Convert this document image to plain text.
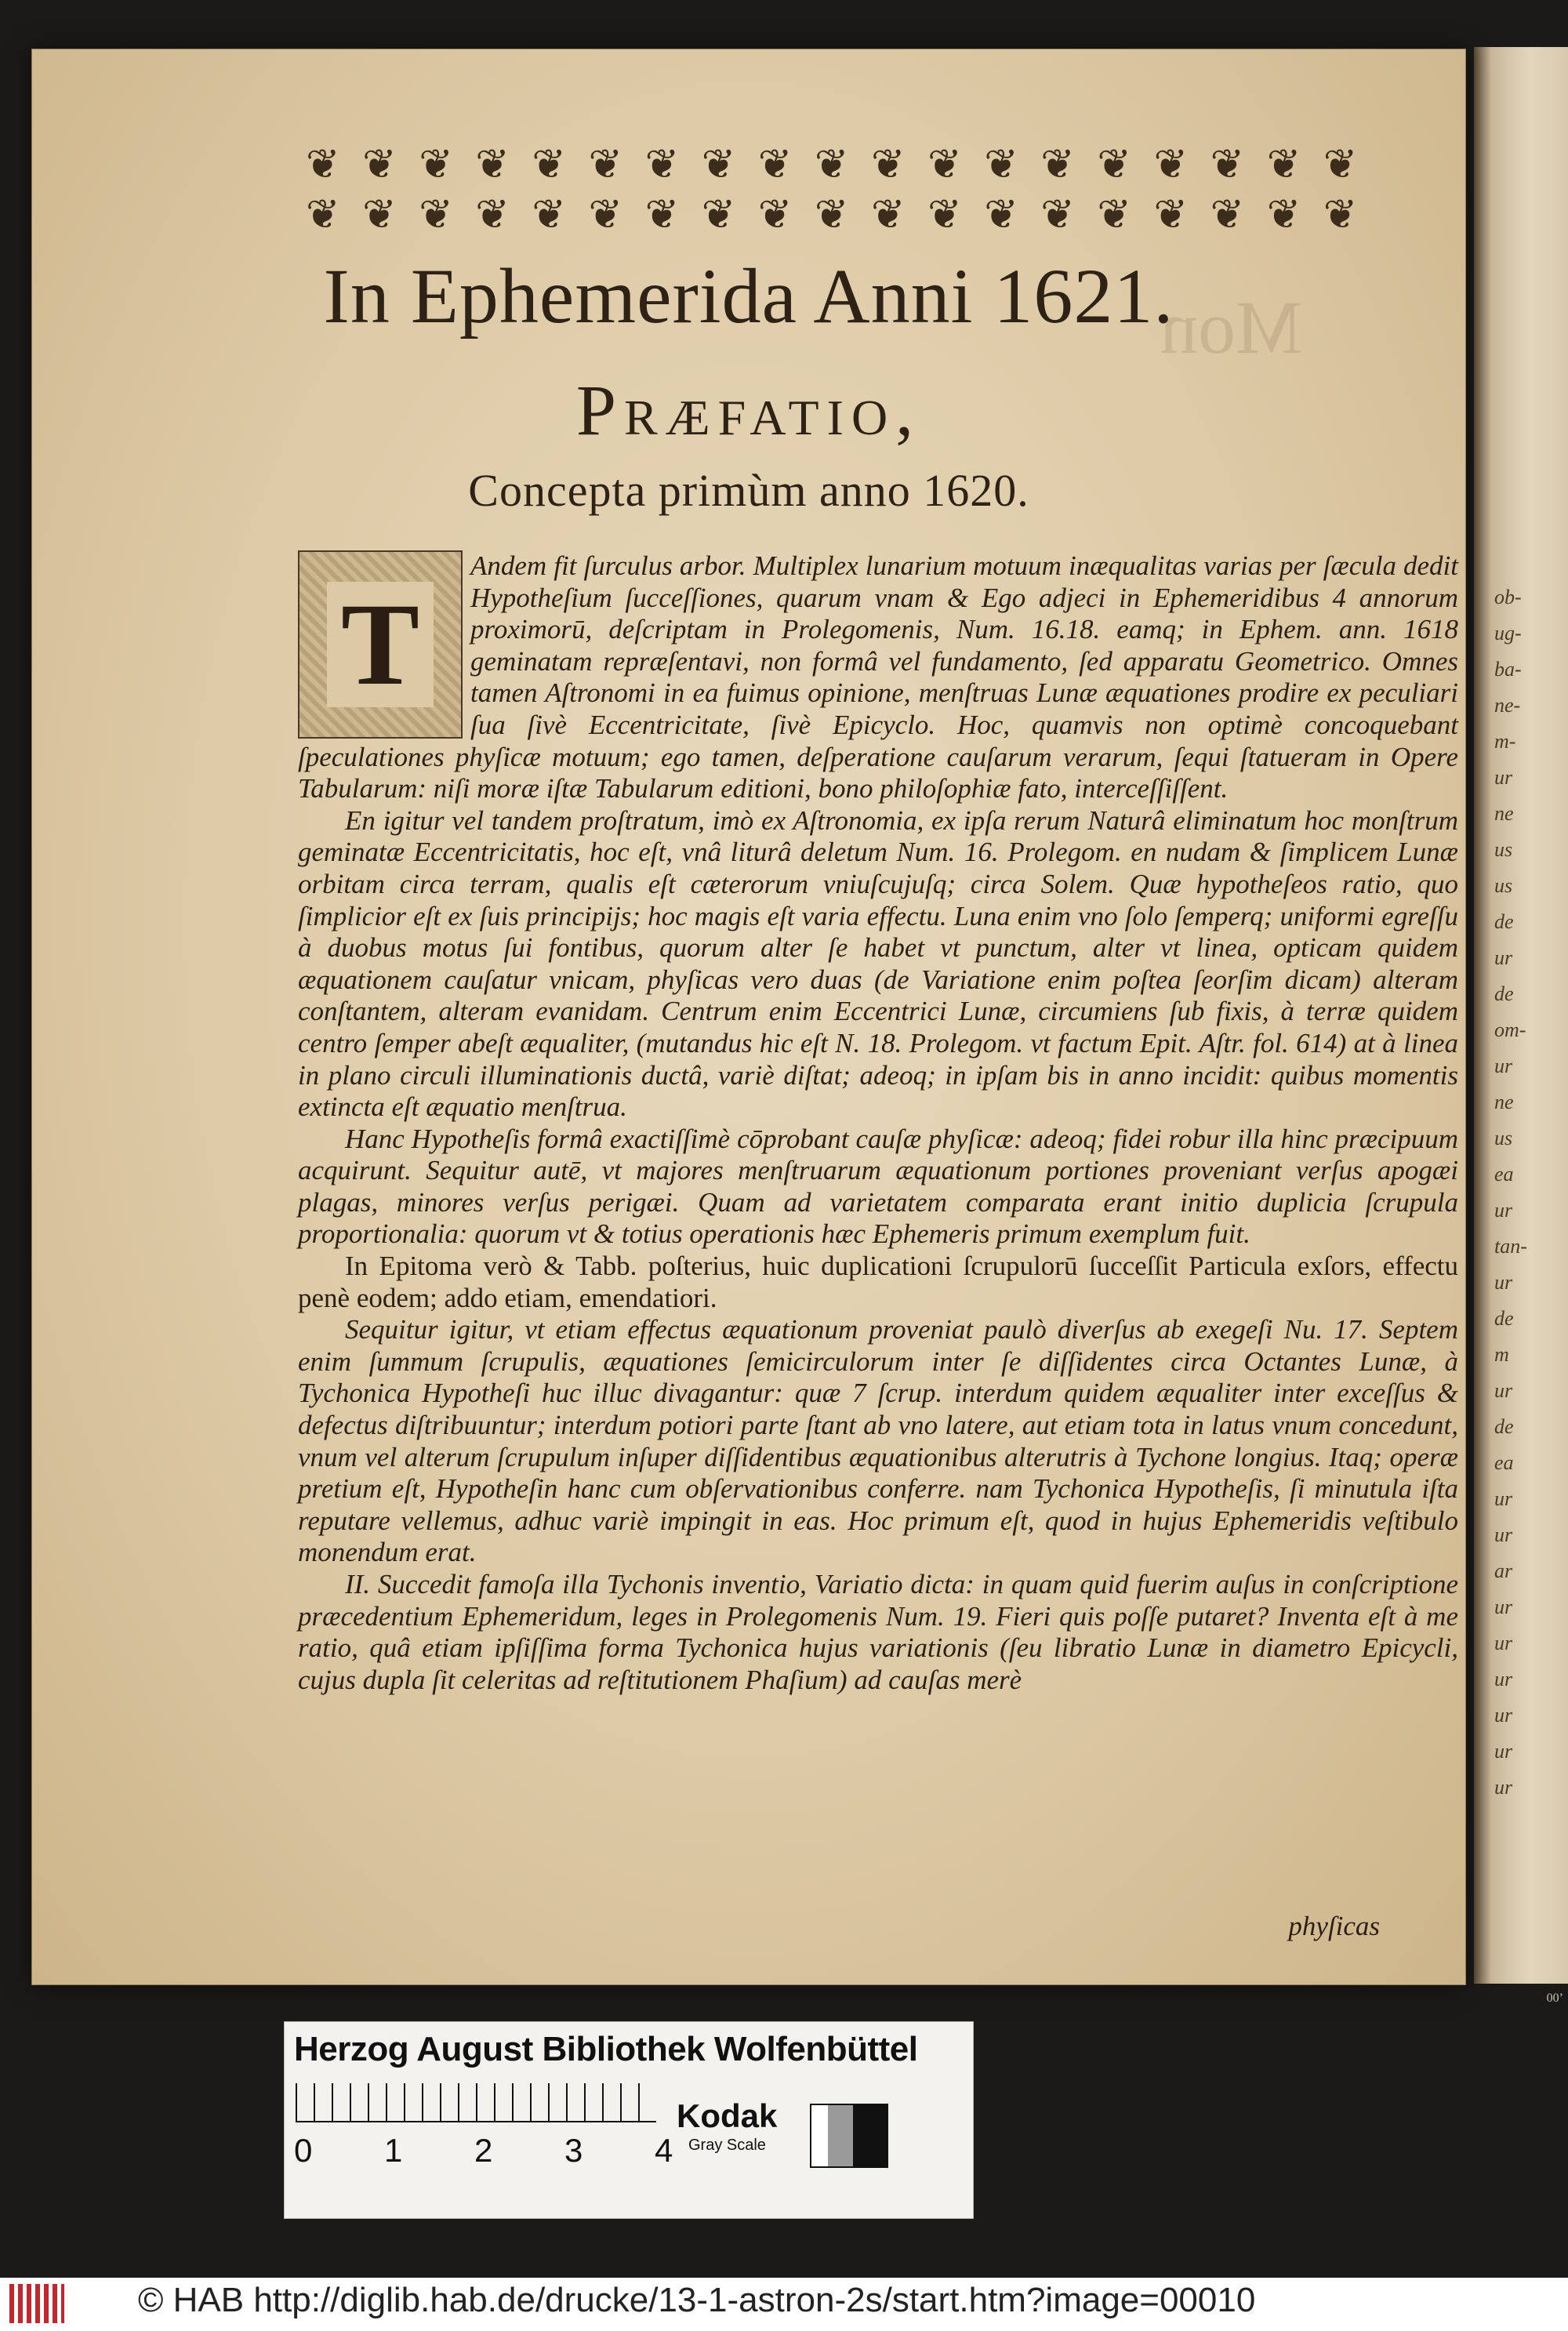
ob-
ug-
ba-
ne-
m-
ur
ne
us
us
de
ur
de
om-
ur
ne
us
ea
ur
tan-
ur
de
m
ur
de
ea
ur
ur
ar
ur
ur
ur
ur
ur
ur
00’
Mon
❦ ❦ ❦ ❦ ❦ ❦ ❦ ❦ ❦ ❦ ❦ ❦ ❦ ❦ ❦ ❦ ❦ ❦ ❦
❦ ❦ ❦ ❦ ❦ ❦ ❦ ❦ ❦ ❦ ❦ ❦ ❦ ❦ ❦ ❦ ❦ ❦ ❦
In Ephemerida Anni 1621.
Præfatio,
Concepta primùm anno 1620.
T

Andem fit ſurculus arbor. Multiplex lunarium motuum inæqualitas varias per ſæcula dedit Hypotheſium ſucceſſiones, quarum vnam & Ego adjeci in Ephemeridibus 4 annorum proximorū, deſcriptam in Prolegomenis, Num. 16.18. eamq; in Ephem. ann. 1618 geminatam repræſentavi, non formâ vel fundamento, ſed apparatu Geometrico. Omnes tamen Aſtronomi in ea fuimus opinione, menſtruas Lunæ æquationes prodire ex peculiari ſua ſivè Eccentricitate, ſivè Epicyclo. Hoc, quamvis non optimè concoquebant ſpeculationes phyſicæ motuum; ego tamen, deſperatione cauſarum verarum, ſequi ſtatueram in Opere Tabularum: niſi moræ iſtæ Tabularum editioni, bono philoſophiæ fato, interceſſiſſent.

En igitur vel tandem proſtratum, imò ex Aſtronomia, ex ipſa rerum Naturâ eliminatum hoc monſtrum geminatæ Eccentricitatis, hoc eſt, vnâ liturâ deletum Num. 16. Prolegom. en nudam & ſimplicem Lunæ orbitam circa terram, qualis eſt cæterorum vniuſcujuſq; circa Solem. Quæ hypotheſeos ratio, quo ſimplicior eſt ex ſuis principijs; hoc magis eſt varia effectu. Luna enim vno ſolo ſemperq; uniformi egreſſu à duobus motus ſui fontibus, quorum alter ſe habet vt punctum, alter vt linea, opticam quidem æquationem cauſatur vnicam, phyſicas vero duas (de Variatione enim poſtea ſeorſim dicam) alteram conſtantem, alteram evanidam. Centrum enim Eccentrici Lunæ, circumiens ſub fixis, à terræ quidem centro ſemper abeſt æqualiter, (mutandus hic eſt N. 18. Prolegom. vt factum Epit. Aſtr. fol. 614) at à linea in plano circuli illuminationis ductâ, variè diſtat; adeoq; in ipſam bis in anno incidit: quibus momentis extincta eſt æquatio menſtrua.

Hanc Hypotheſis formâ exactiſſimè cōprobant cauſæ phyſicæ: adeoq; fidei robur illa hinc præcipuum acquirunt. Sequitur autē, vt majores menſtruarum æquationum portiones proveniant verſus apogæi plagas, minores verſus perigæi. Quam ad varietatem comparata erant initio duplicia ſcrupula proportionalia: quorum vt & totius operationis hæc Ephemeris primum exemplum fuit.

In Epitoma verò & Tabb. poſterius, huic duplicationi ſcrupulorū ſucceſſit Particula exſors, effectu penè eodem; addo etiam, emendatiori.

Sequitur igitur, vt etiam effectus æquationum proveniat paulò diverſus ab exegeſi Nu. 17. Septem enim ſummum ſcrupulis, æquationes ſemicirculorum inter ſe diſſidentes circa Octantes Lunæ, à Tychonica Hypotheſi huc illuc divagantur: quæ 7 ſcrup. interdum quidem æqualiter inter exceſſus & defectus diſtribuuntur; interdum potiori parte ſtant ab vno latere, aut etiam tota in latus vnum concedunt, vnum vel alterum ſcrupulum inſuper diſſidentibus æquationibus alterutris à Tychone longius. Itaq; operæ pretium eſt, Hypotheſin hanc cum obſervationibus conferre. nam Tychonica Hypotheſis, ſi minutula iſta reputare vellemus, adhuc variè impingit in eas. Hoc primum eſt, quod in hujus Ephemeridis veſtibulo monendum erat.

II. Succedit famoſa illa Tychonis inventio, Variatio dicta: in quam quid fuerim auſus in conſcriptione præcedentium Ephemeridum, leges in Prolegomenis Num. 19. Fieri quis poſſe putaret? Inventa eſt à me ratio, quâ etiam ipſiſſima forma Tychonica hujus variationis (ſeu libratio Lunæ in diametro Epicycli, cujus dupla ſit celeritas ad reſtitutionem Phaſium) ad cauſas merè

phyſicas
Herzog August Bibliothek Wolfenbüttel
0 1 2 3 4
Kodak
Gray Scale
© HAB http://diglib.hab.de/drucke/13-1-astron-2s/start.htm?image=00010
